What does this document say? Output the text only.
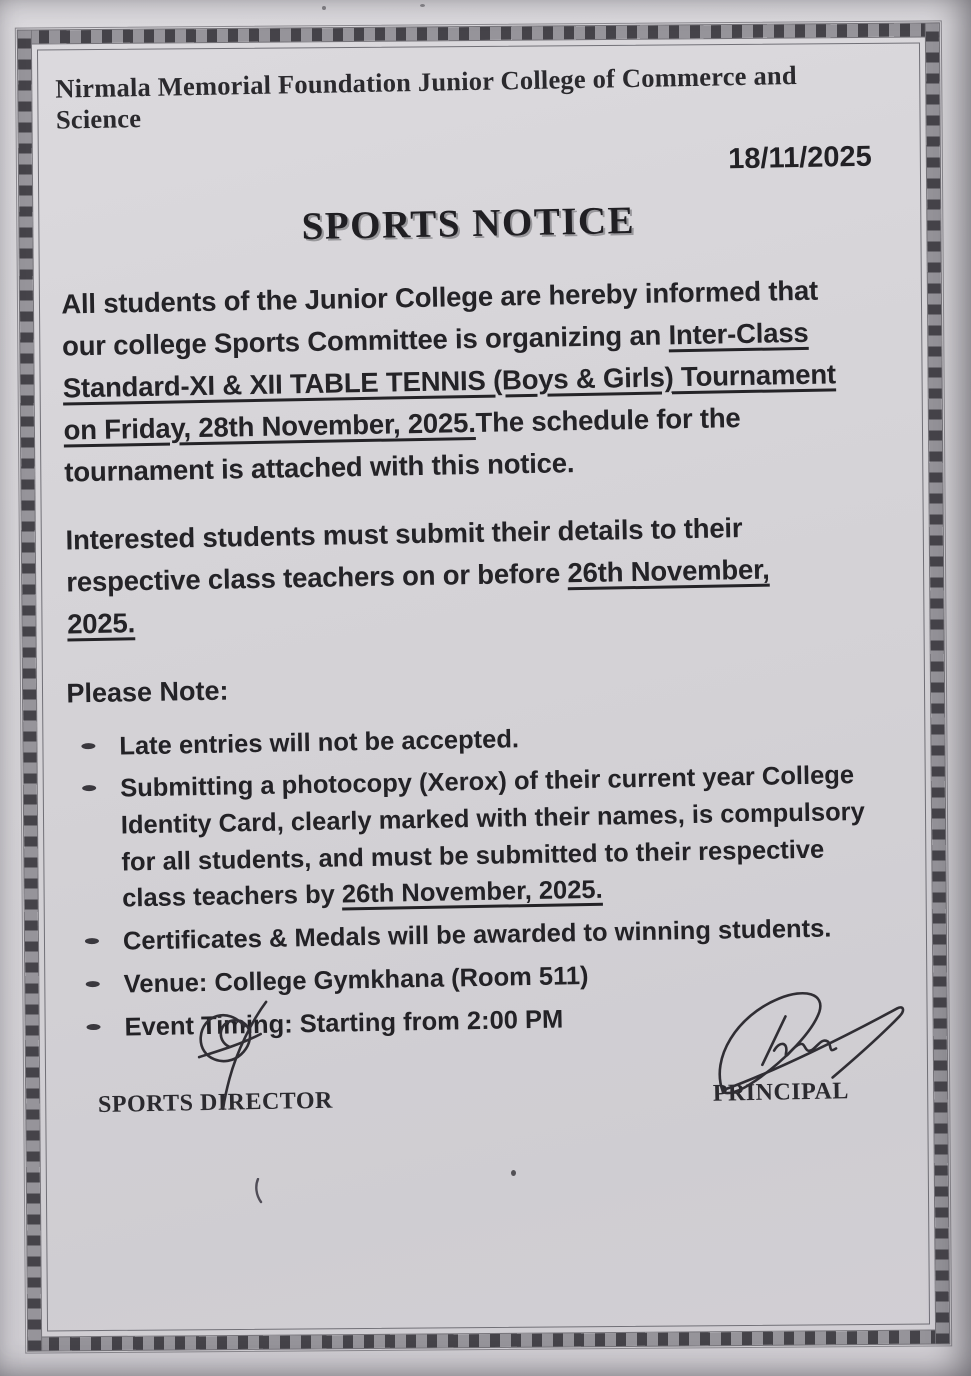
Nirmala Memorial Foundation Junior College of Commerce and Science
18/11/2025
SPORTS NOTICE

All students of the Junior College are hereby informed that
our college Sports Committee is organizing an Inter-Class
Standard-XI & XII TABLE TENNIS (Boys & Girls) Tournament
on Friday, 28th November, 2025.The schedule for the
tournament is attached with this notice.

Interested students must submit their details to their
respective class teachers on or before 26th November,
2025.

Please Note:
Late entries will not be accepted.
Submitting a photocopy (Xerox) of their current year College
Identity Card, clearly marked with their names, is compulsory
for all students, and must be submitted to their respective
class teachers by 26th November, 2025.
Certificates & Medals will be awarded to winning students.
Venue: College Gymkhana (Room 511)
Event Timing: Starting from 2:00 PM
SPORTS DIRECTOR	PRINCIPAL
